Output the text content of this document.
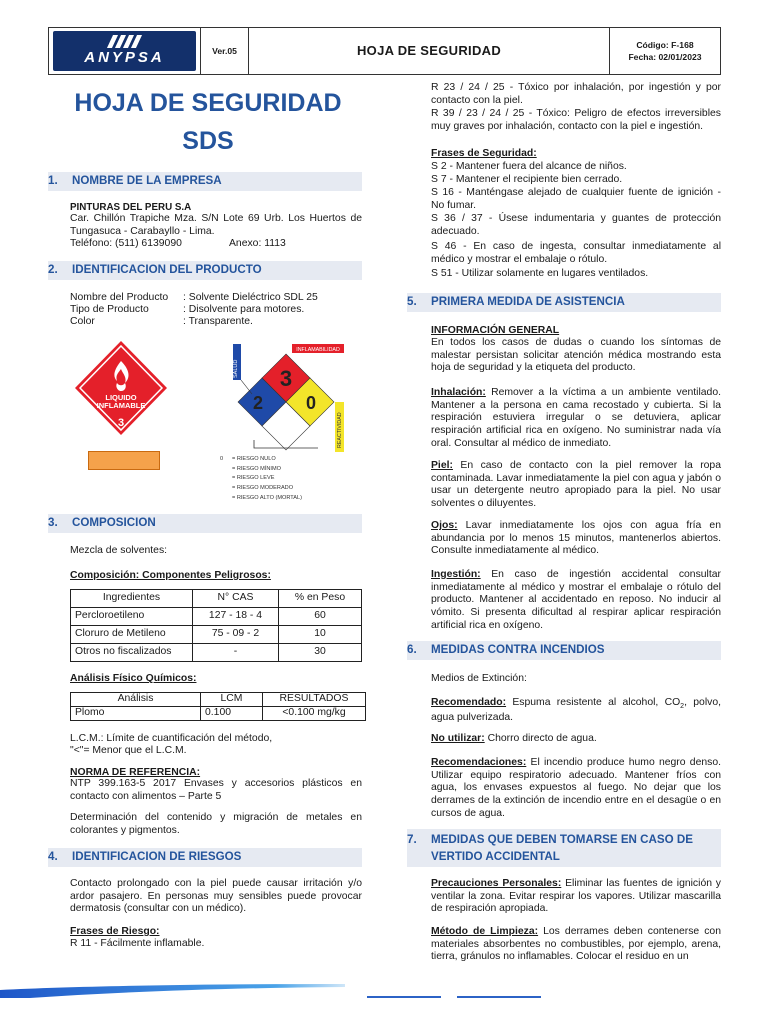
ANYPSA	Ver.05	HOJA DE SEGURIDAD	Código: F-168
Fecha: 02/01/2023
HOJA DE SEGURIDAD
SDS
1.	NOMBRE DE LA EMPRESA
PINTURAS DEL PERU S.A
Car. Chillón Trapiche Mza. S/N Lote 69 Urb. Los Huertos de Tungasuca - Carabayllo - Lima.
Teléfono: (511) 6139090	Anexo: 1113
2.	IDENTIFICACION DEL PRODUCTO
Nombre del Producto : Solvente Dieléctrico SDL 25
Tipo de Producto	: Disolvente para motores.
Color	: Transparente.
LIQUIDO
INFLAMABLE
3
SALUD
INFLAMABILIDAD
REACTIVIDAD
3
2 0
0	= RIESGO NULO
= RIESGO MÍNIMO
= RIESGO LEVE
= RIESGO MODERADO
= RIESGO ALTO (MORTAL)
3.	COMPOSICION
Mezcla de solventes:
Composición: Componentes Peligrosos:
Ingredientes	N° CAS	% en Peso
Percloroetileno	127 - 18 - 4	60
Cloruro de Metileno	75 - 09 - 2	10
Otros no fiscalizados	-	30
Análisis Físico Químicos:
Análisis	LCM	RESULTADOS
Plomo	0.100	<0.100 mg/kg
L.C.M.: Límite de cuantificación del método,
"<"= Menor que el L.C.M.
NORMA DE REFERENCIA:
NTP 399.163-5 2017 Envases y accesorios plásticos en contacto con alimentos – Parte 5
Determinación del contenido y migración de metales en colorantes y pigmentos.
4.	IDENTIFICACION DE RIESGOS
Contacto prolongado con la piel puede causar irritación y/o ardor pasajero. En personas muy sensibles puede provocar dermatosis (consultar con un médico).
Frases de Riesgo:
R 11 - Fácilmente inflamable.
R 23 / 24 / 25 - Tóxico por inhalación, por ingestión y por contacto con la piel.
R 39 / 23 / 24 / 25 - Tóxico: Peligro de efectos irreversibles muy graves por inhalación, contacto con la piel e ingestión.
Frases de Seguridad:
S 2 - Mantener fuera del alcance de niños.
S 7 - Mantener el recipiente bien cerrado.
S 16 - Manténgase alejado de cualquier fuente de ignición - No fumar.
S 36 / 37 - Úsese indumentaria y guantes de protección adecuado.
S 46 - En caso de ingesta, consultar inmediatamente al médico y mostrar el embalaje o rótulo.
S 51 - Utilizar solamente en lugares ventilados.
5.	PRIMERA MEDIDA DE ASISTENCIA
INFORMACIÓN GENERAL
En todos los casos de dudas o cuando los síntomas de malestar persistan solicitar atención médica mostrando esta hoja de seguridad y la etiqueta del producto.
Inhalación: Remover a la víctima a un ambiente ventilado. Mantener a la persona en cama recostado y cubierta. Si la respiración estuviera irregular o se detuviera, aplicar respiración artificial rica en oxígeno. No suministrar nada vía oral. Consultar al médico de inmediato.
Piel: En caso de contacto con la piel remover la ropa contaminada. Lavar inmediatamente la piel con agua y jabón o usar un detergente neutro apropiado para la piel. No usar solventes o diluyentes.
Ojos: Lavar inmediatamente los ojos con agua fría en abundancia por lo menos 15 minutos, mantenerlos abiertos. Consulte inmediatamente al médico.
Ingestión: En caso de ingestión accidental consultar inmediatamente al médico y mostrar el embalaje o rótulo del producto. Mantener al accidentado en reposo. No inducir al vómito. Si presenta dificultad al respirar aplicar respiración artificial rica en oxígeno.
6.	MEDIDAS CONTRA INCENDIOS
Medios de Extinción:
Recomendado: Espuma resistente al alcohol, $CO_2$, polvo, agua pulverizada.
No utilizar: Chorro directo de agua.
Recomendaciones: El incendio produce humo negro denso. Utilizar equipo respiratorio adecuado. Mantener fríos con agua, los envases expuestos al fuego. No dejar que los derrames de la extinción de incendio entre en el desagüe o en cursos de agua.
7.	MEDIDAS QUE DEBEN TOMARSE EN CASO DE
VERTIDO ACCIDENTAL
Precauciones Personales: Eliminar las fuentes de ignición y ventilar la zona. Evitar respirar los vapores. Utilizar mascarilla de respiración apropiada.
Método de Limpieza: Los derrames deben contenerse con materiales absorbentes no combustibles, por ejemplo, arena, tierra, gránulos no inflamables. Colocar el residuo en un
